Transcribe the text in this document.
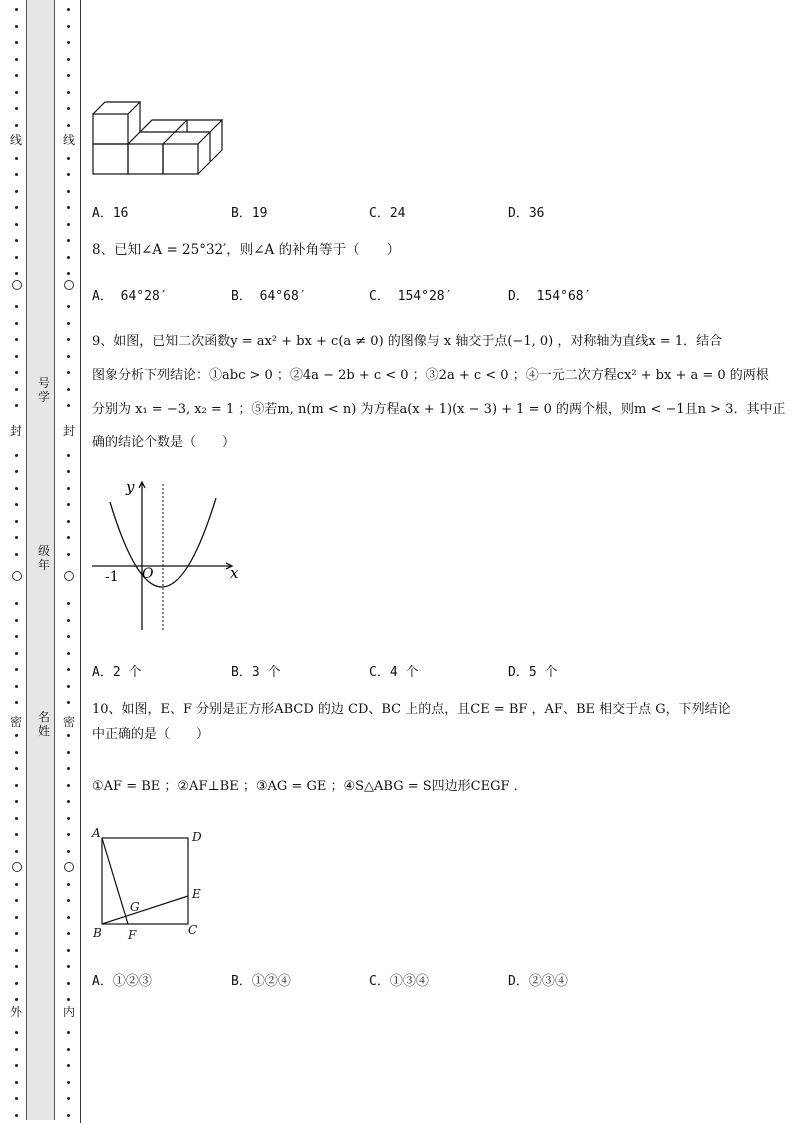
线
封
密
外
线
封
密
内
号学
级年
名姓
A．16	B．19	C．24	D．36
8、已知∠A = 25°32′，则∠A 的补角等于（　　）
A． 64°28′	B． 64°68′	C． 154°28′	D． 154°68′
9、如图，已知二次函数y = ax² + bx + c(a ≠ 0) 的图像与 x 轴交于点(−1, 0) ，对称轴为直线x = 1．结合
图象分析下列结论：①abc > 0 ；②4a − 2b + c < 0 ；③2a + c < 0 ；④一元二次方程cx² + bx + a = 0 的两根
分别为 x₁ = −3, x₂ = 1 ；⑤若m, n(m < n) 为方程a(x + 1)(x − 3) + 1 = 0 的两个根，则m < −1且n > 3．其中正
确的结论个数是（　　）
y
x
O
-1
A．2 个	B．3 个	C．4 个	D．5 个
10、如图，E、F 分别是正方形ABCD 的边 CD、BC 上的点，且CE = BF ，AF、BE 相交于点 G，下列结论
中正确的是（　　）
①AF = BE ；②AF⊥BE ；③AG = GE ；④S△ABG = S四边形CEGF ．
A	D
E
B	C
F
G
A．①②③	B．①②④	C．①③④	D．②③④
